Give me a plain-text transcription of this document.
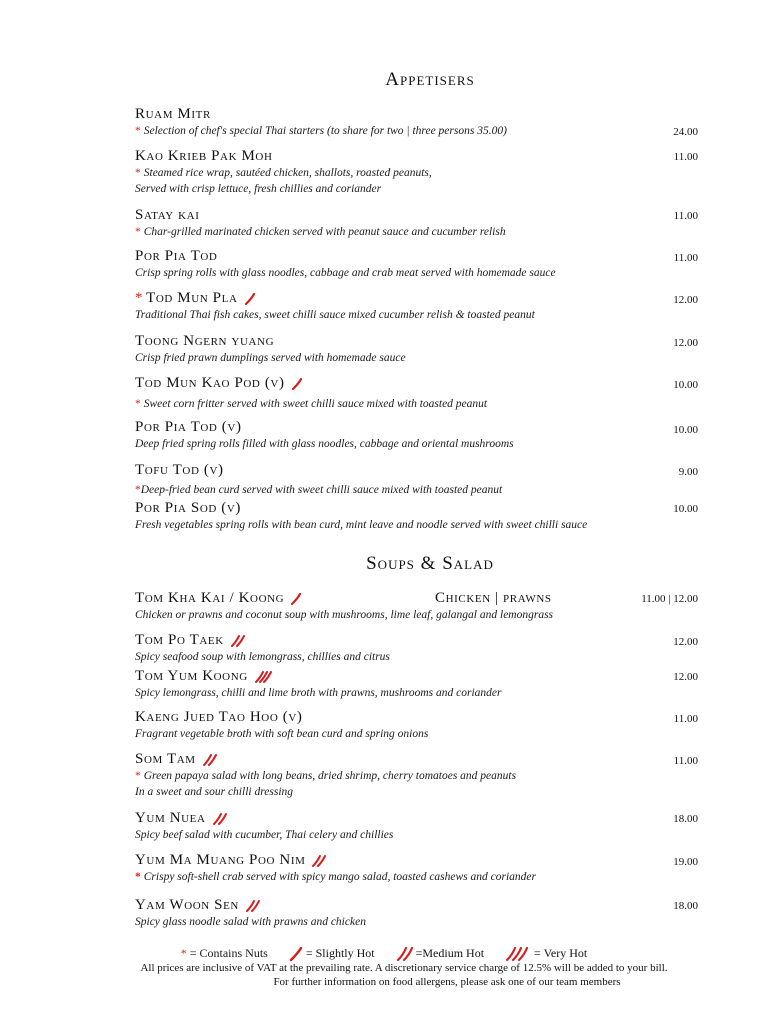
Appetisers
Ruam Mitr
* Selection of chef's special Thai starters (to share for two | three persons 35.00)	24.00
Kao Krieb Pak Moh
* Steamed rice wrap, sautéed chicken, shallots, roasted peanuts,
Served with crisp lettuce, fresh chillies and coriander
11.00
Satay kai
* Char-grilled marinated chicken served with peanut sauce and cucumber relish
11.00
Por Pia Tod
Crisp spring rolls with glass noodles, cabbage and crab meat served with homemade sauce
11.00
* Tod Mun Pla
Traditional Thai fish cakes, sweet chilli sauce mixed cucumber relish & toasted peanut
12.00
Toong Ngern yuang
Crisp fried prawn dumplings served with homemade sauce
12.00
Tod Mun Kao Pod (v)
* Sweet corn fritter served with sweet chilli sauce mixed with toasted peanut
10.00
Por Pia Tod (v)
Deep fried spring rolls filled with glass noodles, cabbage and oriental mushrooms
10.00
Tofu Tod (v)
*Deep-fried bean curd served with sweet chilli sauce mixed with toasted peanut
9.00
Por Pia Sod (v)
Fresh vegetables spring rolls with bean curd, mint leave and noodle served with sweet chilli sauce
10.00
Soups & Salad
Tom Kha Kai / Koong
Chicken or prawns and coconut soup with mushrooms, lime leaf, galangal and lemongrass
Chicken | prawns	11.00 | 12.00
Tom Po Taek
Spicy seafood soup with lemongrass, chillies and citrus
12.00
Tom Yum Koong
Spicy lemongrass, chilli and lime broth with prawns, mushrooms and coriander
12.00
Kaeng Jued Tao Hoo (v)
Fragrant vegetable broth with soft bean curd and spring onions
11.00
Som Tam
* Green papaya salad with long beans, dried shrimp, cherry tomatoes and peanuts
In a sweet and sour chilli dressing
11.00
Yum Nuea
Spicy beef salad with cucumber, Thai celery and chillies
18.00
Yum Ma Muang Poo Nim
* Crispy soft-shell crab served with spicy mango salad, toasted cashews and coriander
19.00
Yam Woon Sen
Spicy glass noodle salad with prawns and chicken
18.00
* = Contains Nuts	= Slightly Hot	=Medium Hot	= Very Hot
All prices are inclusive of VAT at the prevailing rate. A discretionary service charge of 12.5% will be added to your bill.
For further information on food allergens, please ask one of our team members
